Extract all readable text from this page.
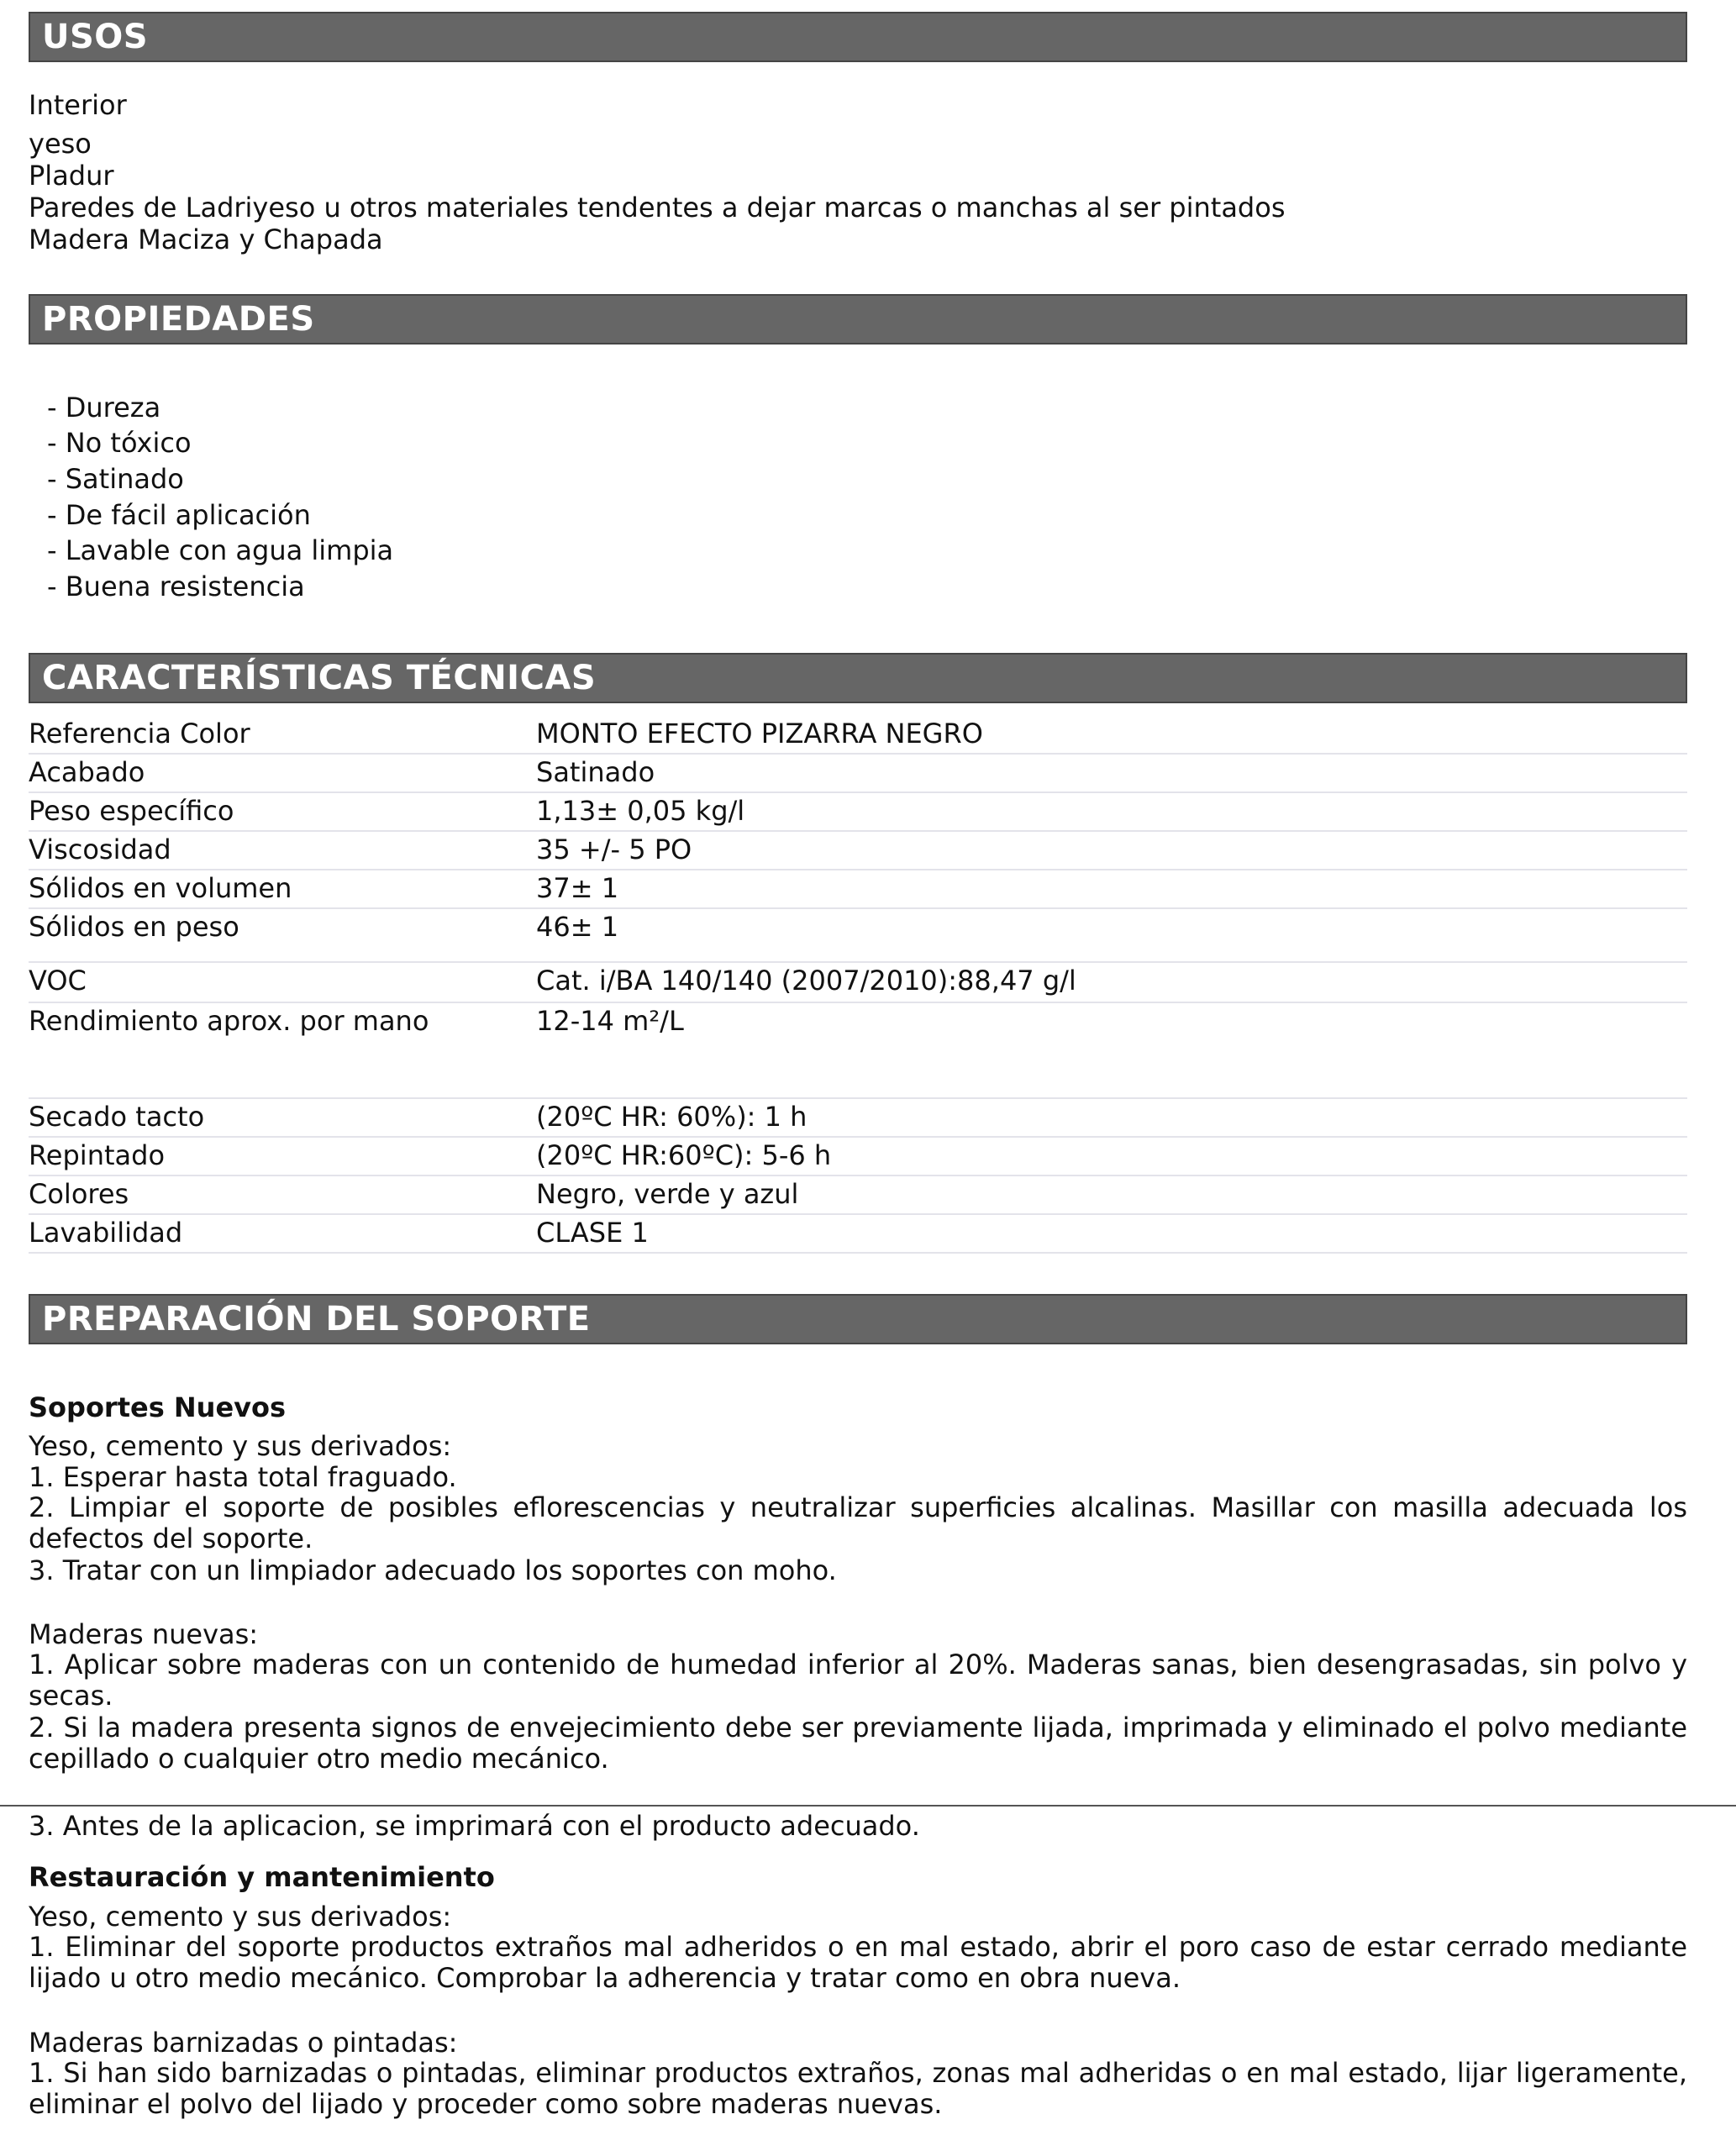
USOS
Interior
yeso
Pladur
Paredes de Ladriyeso u otros materiales tendentes a dejar marcas o manchas al ser pintados
Madera Maciza y Chapada
PROPIEDADES
- Dureza
- No tóxico
- Satinado
- De fácil aplicación
- Lavable con agua limpia
- Buena resistencia
CARACTERÍSTICAS TÉCNICAS
Referencia Color	MONTO EFECTO PIZARRA NEGRO
Acabado	Satinado
Peso específico	1,13± 0,05 kg/l
Viscosidad	35 +/- 5 PO
Sólidos en volumen	37± 1
Sólidos en peso	46± 1
VOC	Cat. i/BA 140/140 (2007/2010):88,47 g/l
Rendimiento aprox. por mano	12-14 m²/L
Secado tacto	(20ºC HR: 60%): 1 h
Repintado	(20ºC HR:60ºC): 5-6 h
Colores	Negro, verde y azul
Lavabilidad	CLASE 1
PREPARACIÓN DEL SOPORTE
Soportes Nuevos
Yeso, cemento y sus derivados:
1. Esperar hasta total fraguado.
2. Limpiar el soporte de posibles eflorescencias y neutralizar superficies alcalinas. Masillar con masilla adecuada los defectos del soporte.
3. Tratar con un limpiador adecuado los soportes con moho.
Maderas nuevas:
1. Aplicar sobre maderas con un contenido de humedad inferior al 20%. Maderas sanas, bien desengrasadas, sin polvo y secas.
2. Si la madera presenta signos de envejecimiento debe ser previamente lijada, imprimada y eliminado el polvo mediante cepillado o cualquier otro medio mecánico.
3. Antes de la aplicacion, se imprimará con el producto adecuado.
Restauración y mantenimiento
Yeso, cemento y sus derivados:
1. Eliminar del soporte productos extraños mal adheridos o en mal estado, abrir el poro caso de estar cerrado mediante lijado u otro medio mecánico. Comprobar la adherencia y tratar como en obra nueva.
Maderas barnizadas o pintadas:
1. Si han sido barnizadas o pintadas, eliminar productos extraños, zonas mal adheridas o en mal estado, lijar ligeramente, eliminar el polvo del lijado y proceder como sobre maderas nuevas.
